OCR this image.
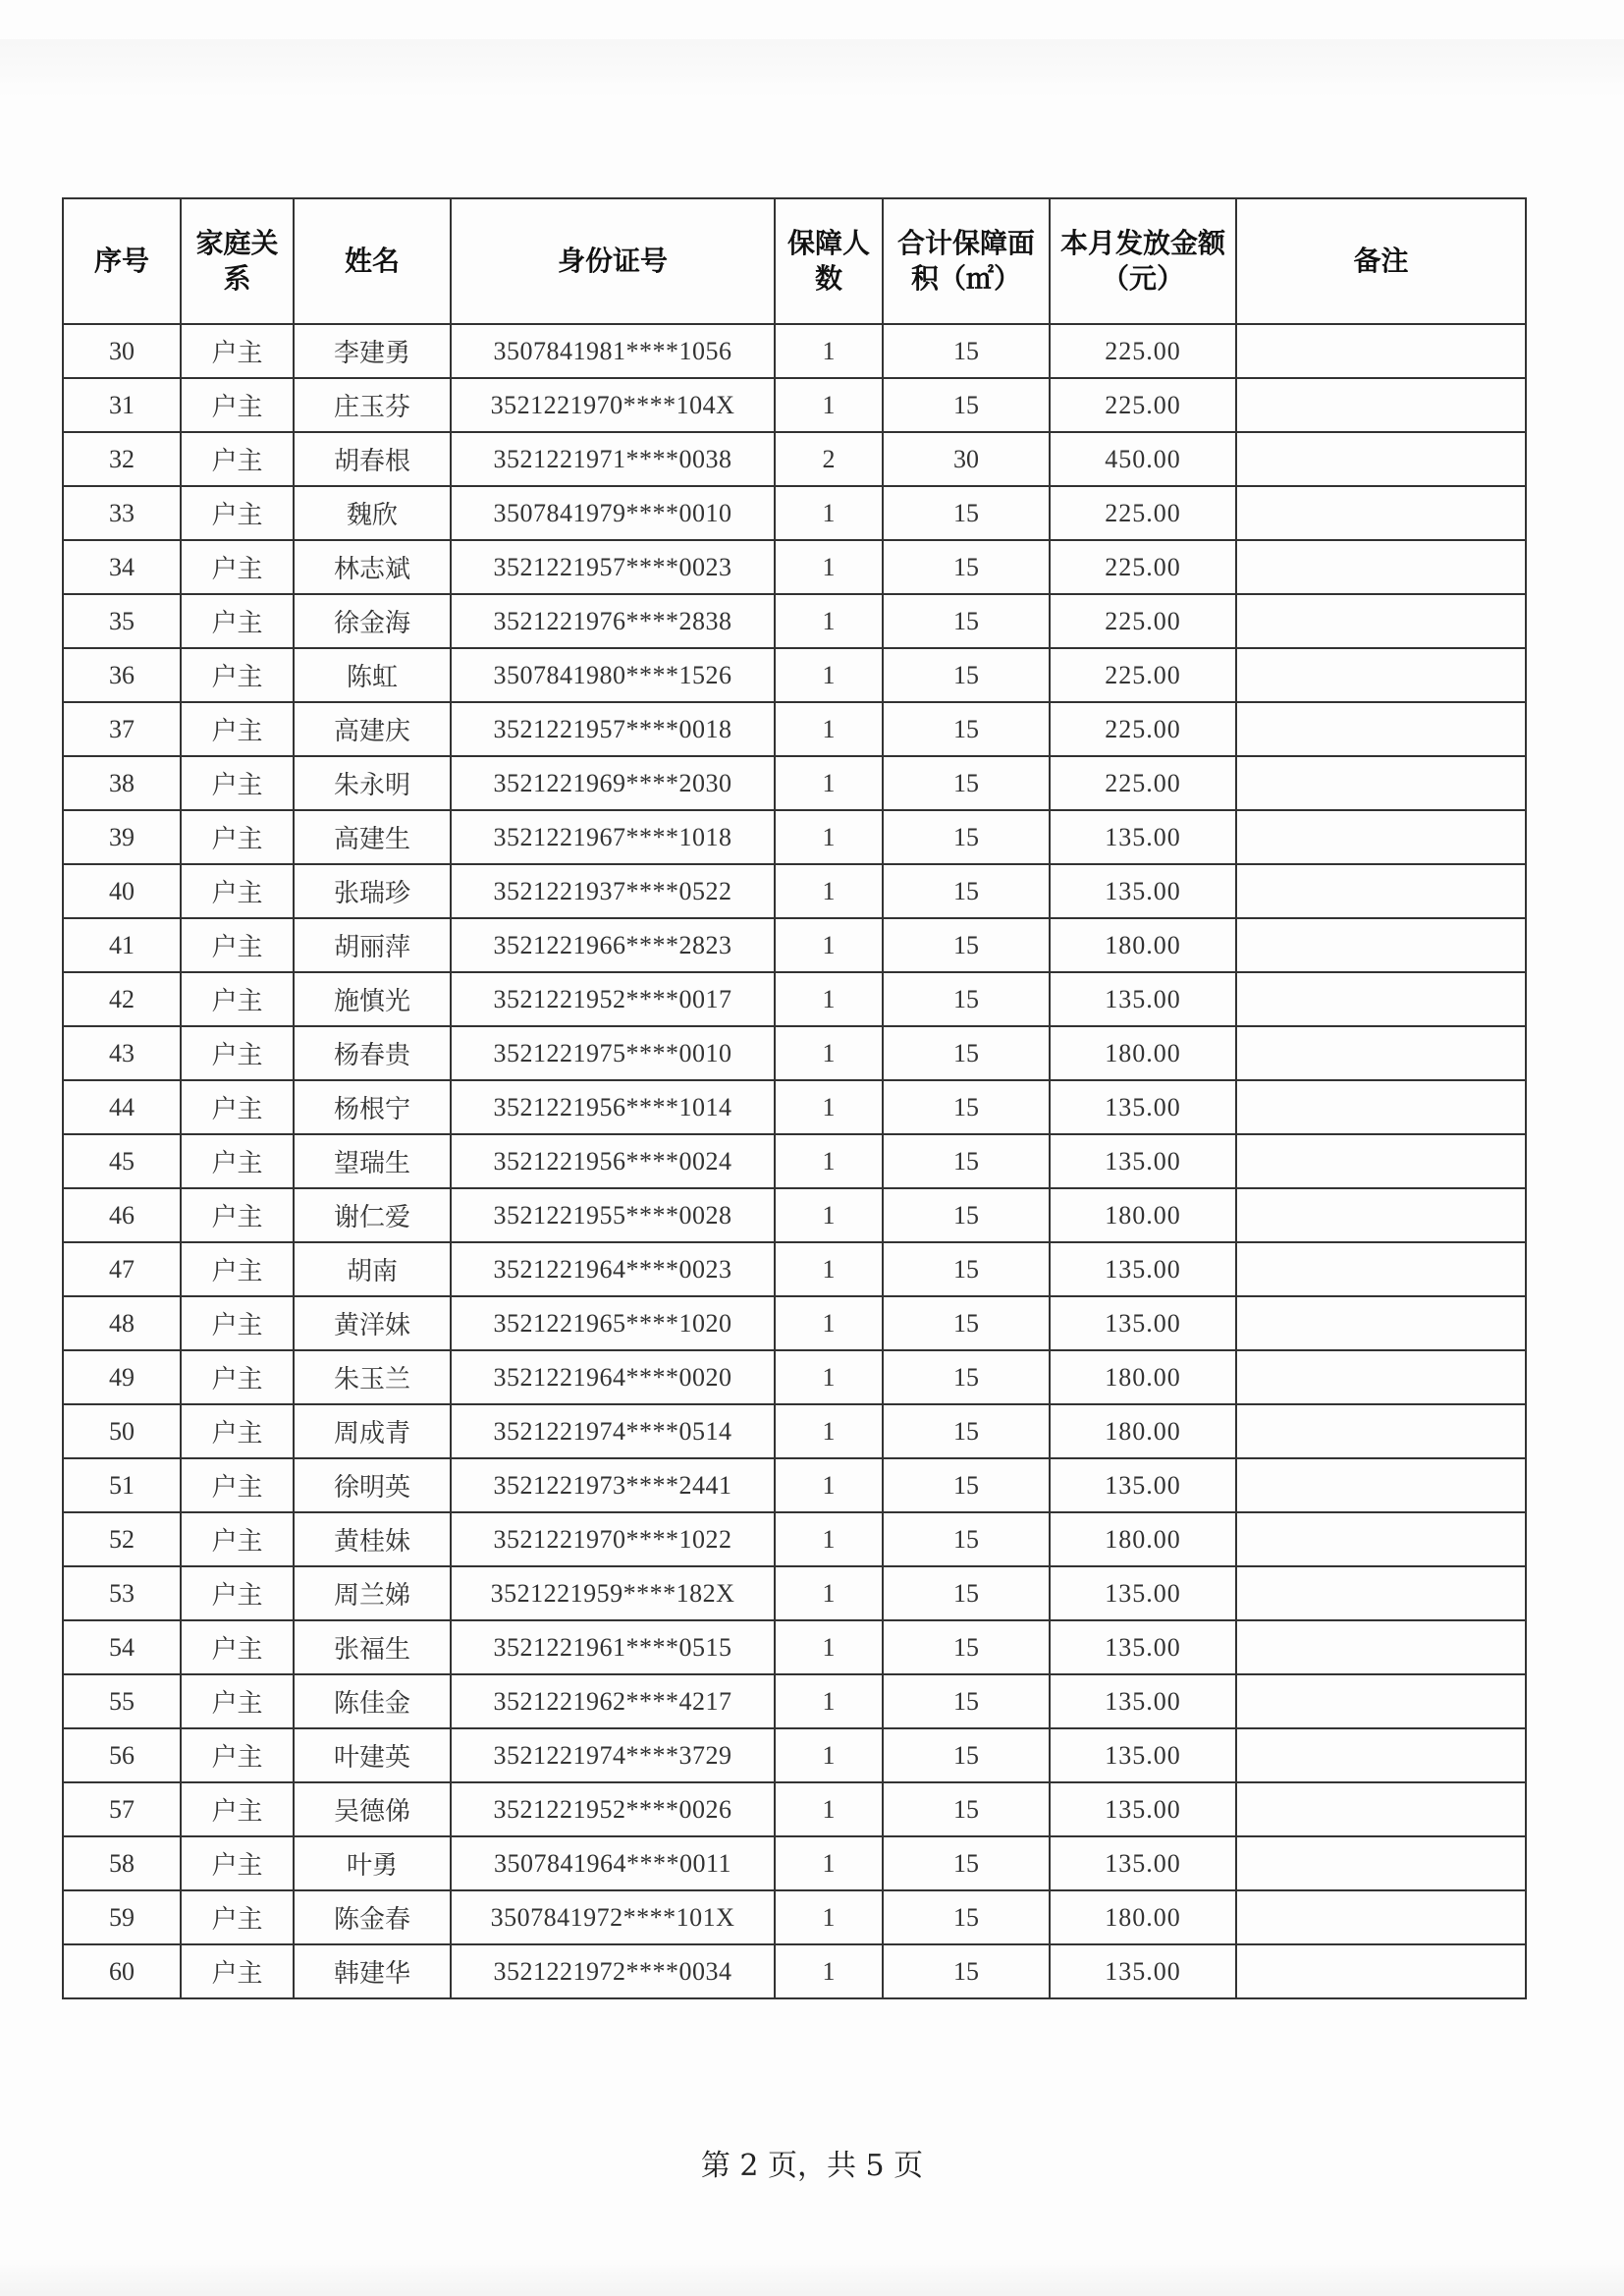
序号	家庭关系	姓名	身份证号	保障人数	合计保障面积（㎡）	本月发放金额（元）	备注
30	户主	李建勇	3507841981****1056	1	15	225.00	
31	户主	庄玉芬	3521221970****104X	1	15	225.00	
32	户主	胡春根	3521221971****0038	2	30	450.00	
33	户主	魏欣	3507841979****0010	1	15	225.00	
34	户主	林志斌	3521221957****0023	1	15	225.00	
35	户主	徐金海	3521221976****2838	1	15	225.00	
36	户主	陈虹	3507841980****1526	1	15	225.00	
37	户主	高建庆	3521221957****0018	1	15	225.00	
38	户主	朱永明	3521221969****2030	1	15	225.00	
39	户主	高建生	3521221967****1018	1	15	135.00	
40	户主	张瑞珍	3521221937****0522	1	15	135.00	
41	户主	胡丽萍	3521221966****2823	1	15	180.00	
42	户主	施慎光	3521221952****0017	1	15	135.00	
43	户主	杨春贵	3521221975****0010	1	15	180.00	
44	户主	杨根宁	3521221956****1014	1	15	135.00	
45	户主	望瑞生	3521221956****0024	1	15	135.00	
46	户主	谢仁爱	3521221955****0028	1	15	180.00	
47	户主	胡南	3521221964****0023	1	15	135.00	
48	户主	黄洋妹	3521221965****1020	1	15	135.00	
49	户主	朱玉兰	3521221964****0020	1	15	180.00	
50	户主	周成青	3521221974****0514	1	15	180.00	
51	户主	徐明英	3521221973****2441	1	15	135.00	
52	户主	黄桂妹	3521221970****1022	1	15	180.00	
53	户主	周兰娣	3521221959****182X	1	15	135.00	
54	户主	张福生	3521221961****0515	1	15	135.00	
55	户主	陈佳金	3521221962****4217	1	15	135.00	
56	户主	叶建英	3521221974****3729	1	15	135.00	
57	户主	吴德俤	3521221952****0026	1	15	135.00	
58	户主	叶勇	3507841964****0011	1	15	135.00	
59	户主	陈金春	3507841972****101X	1	15	180.00	
60	户主	韩建华	3521221972****0034	1	15	135.00	
第 2 页，共 5 页
